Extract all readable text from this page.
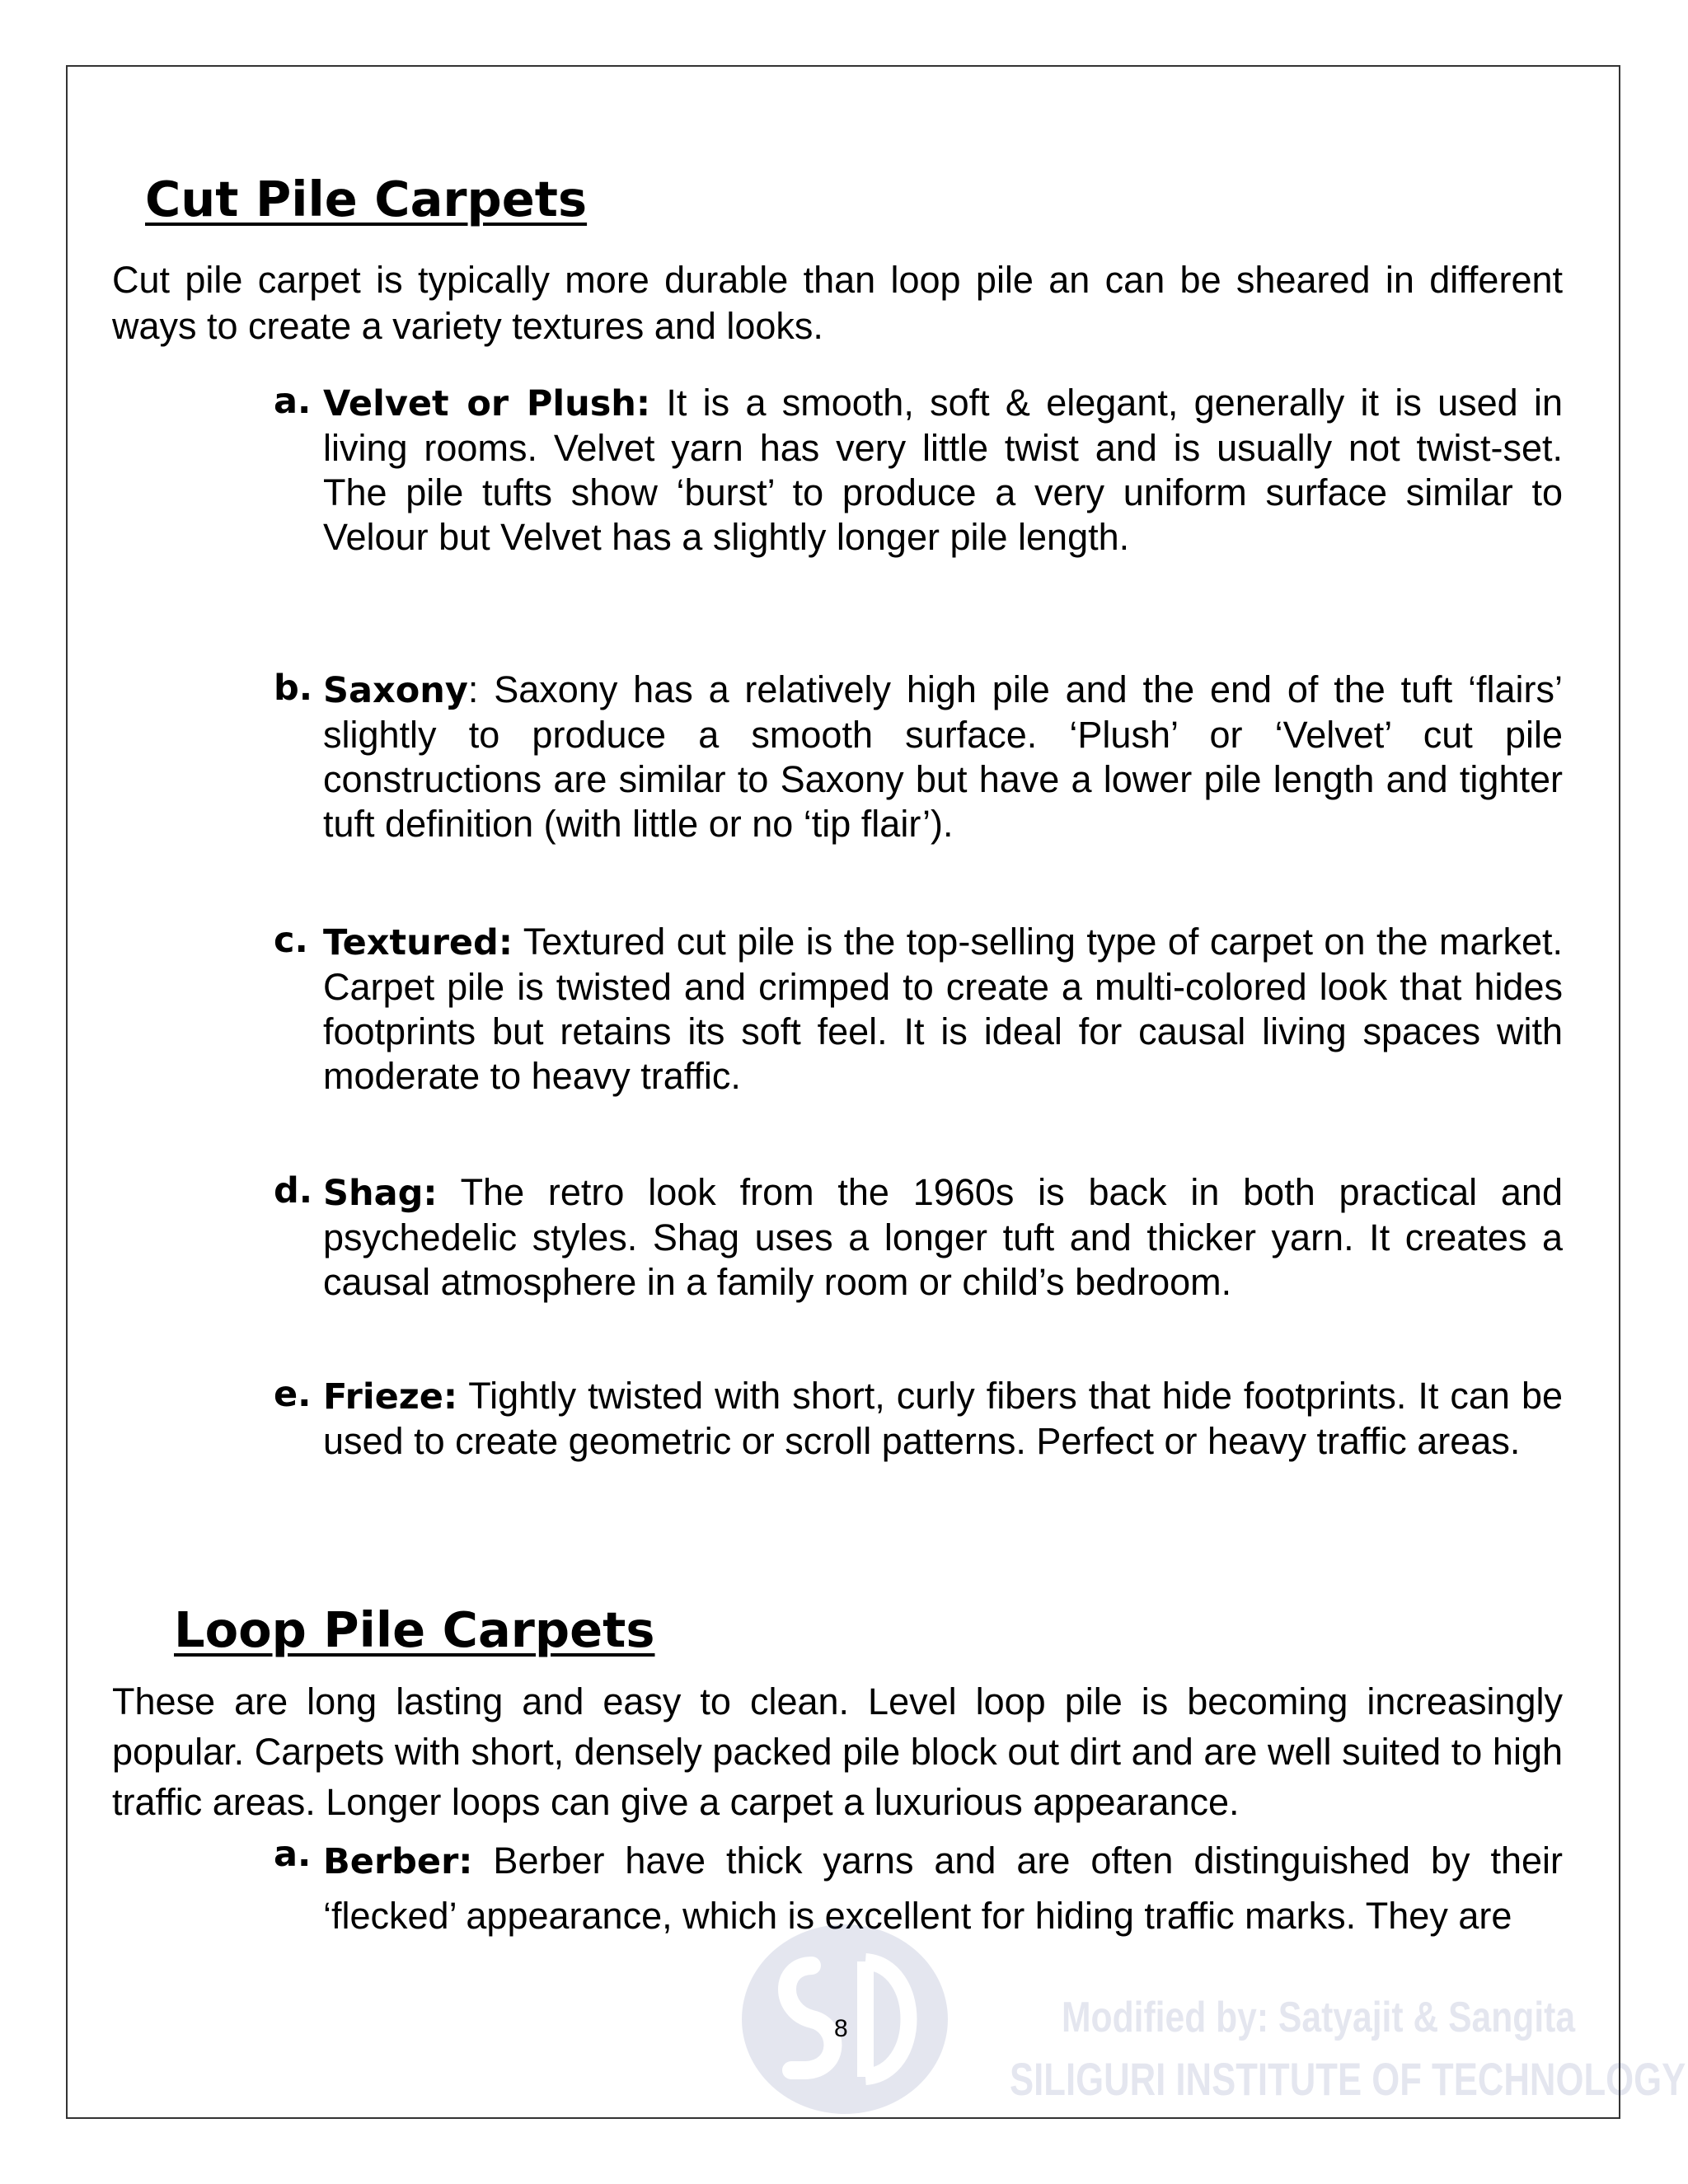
Cut Pile Carpets

Cut pile carpet is typically more durable than loop pile an can be sheared in different ways to create a variety textures and looks.

a. Velvet or Plush: It is a smooth, soft & elegant, generally it is used in living rooms. Velvet yarn has very little twist and is usually not twist-set. The pile tufts show ‘burst’ to produce a very uniform surface similar to Velour but Velvet has a slightly longer pile length.

b. Saxony: Saxony has a relatively high pile and the end of the tuft ‘flairs’ slightly to produce a smooth surface. ‘Plush’ or ‘Velvet’ cut pile constructions are similar to Saxony but have a lower pile length and tighter tuft definition (with little or no ‘tip flair’).

c. Textured: Textured cut pile is the top-selling type of carpet on the market. Carpet pile is twisted and crimped to create a multi-colored look that hides footprints but retains its soft feel. It is ideal for causal living spaces with moderate to heavy traffic.

d. Shag: The retro look from the 1960s is back in both practical and psychedelic styles. Shag uses a longer tuft and thicker yarn. It creates a causal atmosphere in a family room or child’s bedroom.

e. Frieze: Tightly twisted with short, curly fibers that hide footprints. It can be used to create geometric or scroll patterns. Perfect or heavy traffic areas.

Loop Pile Carpets

These are long lasting and easy to clean. Level loop pile is becoming increasingly popular. Carpets with short, densely packed pile block out dirt and are well suited to high traffic areas. Longer loops can give a carpet a luxurious appearance.

a. Berber: Berber have thick yarns and are often distinguished by their ‘flecked’ appearance, which is excellent for hiding traffic marks. They are

Modified by: Satyajit & Sangita
SILIGURI INSTITUTE OF TECHNOLOGY
8
